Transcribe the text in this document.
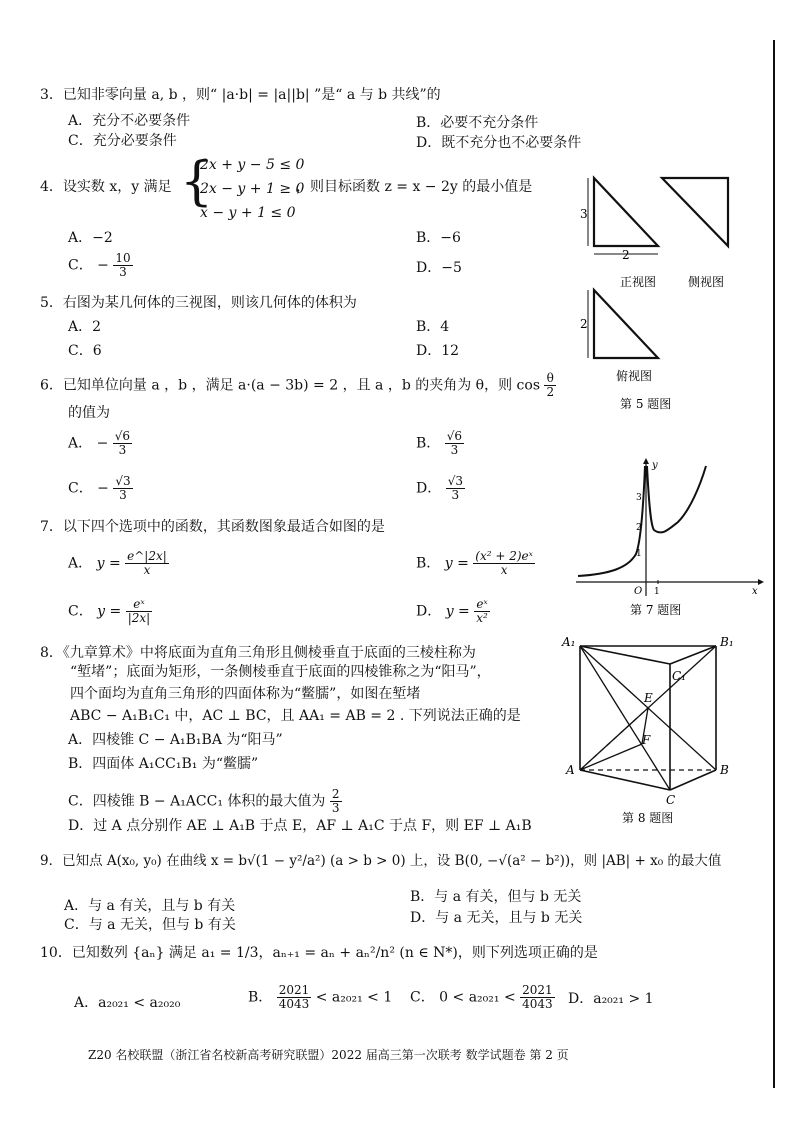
3．已知非零向量 a, b ，则“ |a·b| = |a||b| ”是“ a 与 b 共线”的
A．充分不必要条件	B．必要不充分条件
C．充分必要条件	D．既不充分也不必要条件
4．设实数 x，y 满足 {
2x + y − 5 ≤ 0
2x − y + 1 ≥ 0
x − y + 1 ≤ 0
，则目标函数 z = x − 2y 的最小值是
A．−2	B．−6
C． − $\frac{10}{3}$	D．−5
5．右图为某几何体的三视图，则该几何体的体积为
A．2	B．4
C．6	D．12
6．已知单位向量 a ，b ，满足 a·(a − 3b) = 2 ，且 a ，b 的夹角为 θ，则 $\cos \frac{\theta}{2}$
的值为
A． − $\frac{√6}{3}$	B． $\frac{√6}{3}$
C． − $\frac{√3}{3}$	D． $\frac{√3}{3}$
7．以下四个选项中的函数，其函数图象最适合如图的是
A． $y = \frac{e\^{}|2x|}{x}$	B． $y = \frac{\text{(x² + 2)eˣ}}{x}$
C． $y = \frac{\text{eˣ}}{|2x|}$	D． $y = \frac{\text{eˣ}}{\text{x²}}$
8．《九章算术》中将底面为直角三角形且侧棱垂直于底面的三棱柱称为
“堑堵”；底面为矩形，一条侧棱垂直于底面的四棱锥称之为“阳马”，
四个面均为直角三角形的四面体称为“鳖臑”，如图在堑堵
ABC − A₁B₁C₁ 中，AC ⊥ BC，且 AA₁ = AB = 2 . 下列说法正确的是
A．四棱锥 C − A₁B₁BA 为“阳马”
B．四面体 A₁CC₁B₁ 为“鳖臑”
C．四棱锥 B − A₁ACC₁ 体积的最大值为 $\frac{2}{3}$
D．过 A 点分别作 AE ⊥ A₁B 于点 E，AF ⊥ A₁C 于点 F，则 EF ⊥ A₁B
9．已知点 A(x₀, y₀) 在曲线 x = b√(1 − y²/a²) (a > b > 0) 上，设 B(0, −√(a² − b²))，则 |AB| + x₀ 的最大值
A．与 a 有关，且与 b 有关
B．与 a 有关，但与 b 无关
C．与 a 无关，但与 b 有关	D．与 a 无关，且与 b 无关
10．已知数列 {aₙ} 满足 a₁ = 1/3，aₙ₊₁ = aₙ + aₙ²/n² (n ∈ N*)，则下列选项正确的是
A．a₂₀₂₁ < a₂₀₂₀	B． $\frac{2021}{4043} < a_{2021} < 1$ C． $0 < a_{2021} < \frac{2021}{4043}$ D．a₂₀₂₁ > 1
Z20 名校联盟（浙江省名校新高考研究联盟）2022 届高三第一次联考 数学试题卷 第 2 页
3
2
正视图	侧视图
2
俯视图
第 5 题图
y
x
O 1
3
2
1
第 7 题图
A₁	B₁
C₁
E
F
A	B
C
第 8 题图
